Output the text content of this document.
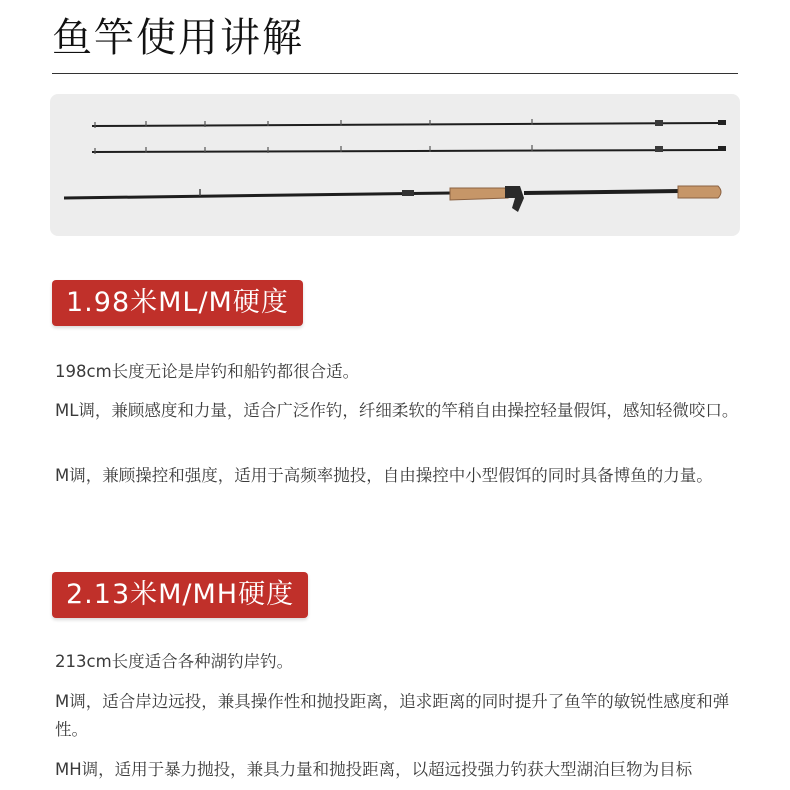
鱼竿使用讲解
1.98米ML/M硬度
198cm长度无论是岸钓和船钓都很合适。
ML调，兼顾感度和力量，适合广泛作钓，纤细柔软的竿稍自由操控轻量假饵，感知轻微咬口。
M调，兼顾操控和强度，适用于高频率抛投，自由操控中小型假饵的同时具备博鱼的力量。
2.13米M/MH硬度
213cm长度适合各种湖钓岸钓。
M调，适合岸边远投，兼具操作性和抛投距离，追求距离的同时提升了鱼竿的敏锐性感度和弹性。
MH调，适用于暴力抛投，兼具力量和抛投距离，以超远投强力钓获大型湖泊巨物为目标
